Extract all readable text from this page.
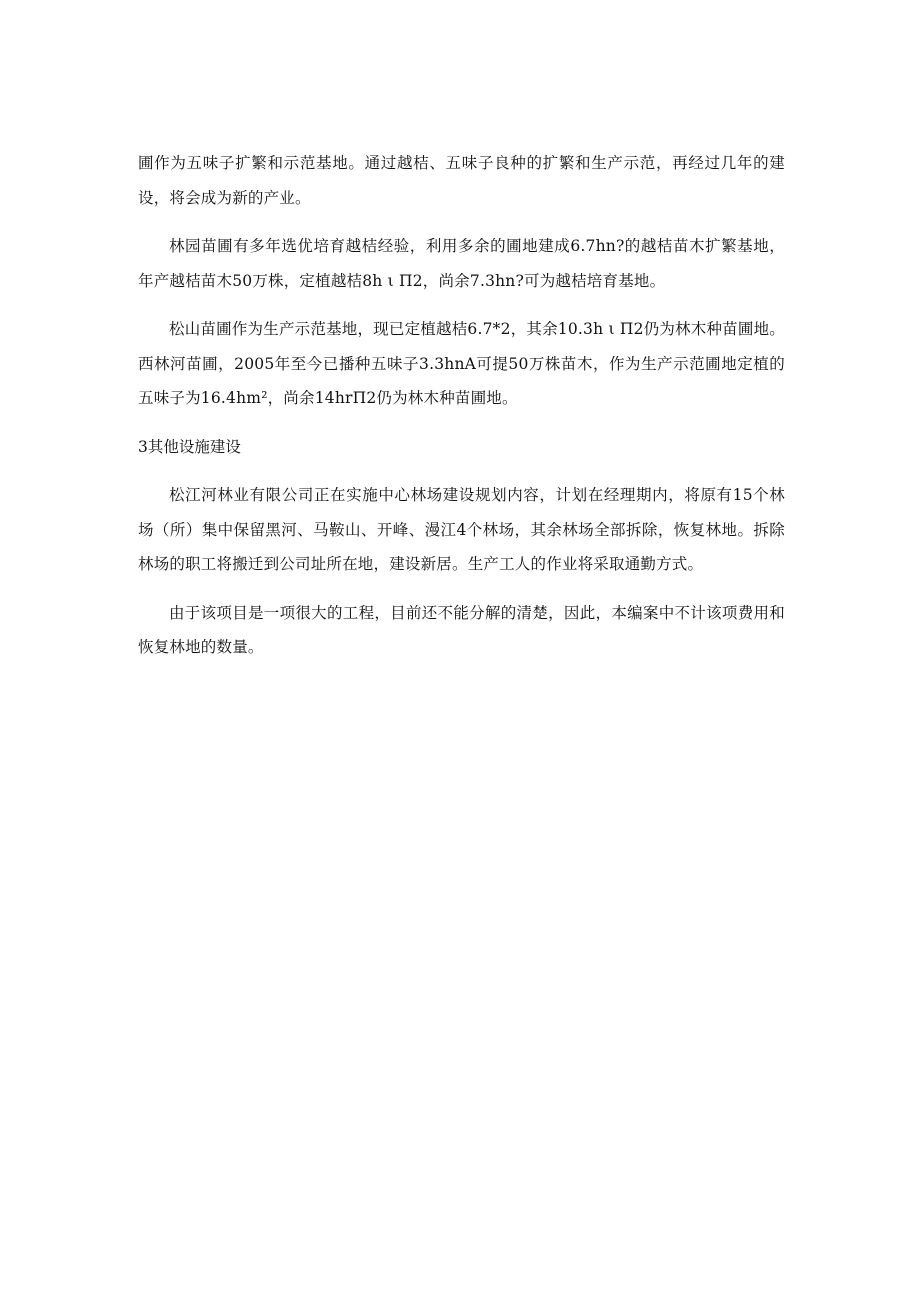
圃作为五味子扩繁和示范基地。通过越桔、五味子良种的扩繁和生产示范，再经过几年的建设，将会成为新的产业。

林园苗圃有多年选优培育越桔经验，利用多余的圃地建成6.7hn?的越桔苗木扩繁基地，年产越桔苗木50万株，定植越桔8h ι П2，尚余7.3hn?可为越桔培育基地。

松山苗圃作为生产示范基地，现已定植越桔6.7*2，其余10.3h ι П2仍为林木种苗圃地。西林河苗圃，2005年至今已播种五味子3.3hnA可提50万株苗木，作为生产示范圃地定植的五味子为16.4hm²，尚余14hrП2仍为林木种苗圃地。

3其他设施建设

松江河林业有限公司正在实施中心林场建设规划内容，计划在经理期内，将原有15个林场（所）集中保留黑河、马鞍山、开峰、漫江4个林场，其余林场全部拆除，恢复林地。拆除林场的职工将搬迁到公司址所在地，建设新居。生产工人的作业将采取通勤方式。

由于该项目是一项很大的工程，目前还不能分解的清楚，因此，本编案中不计该项费用和恢复林地的数量。
